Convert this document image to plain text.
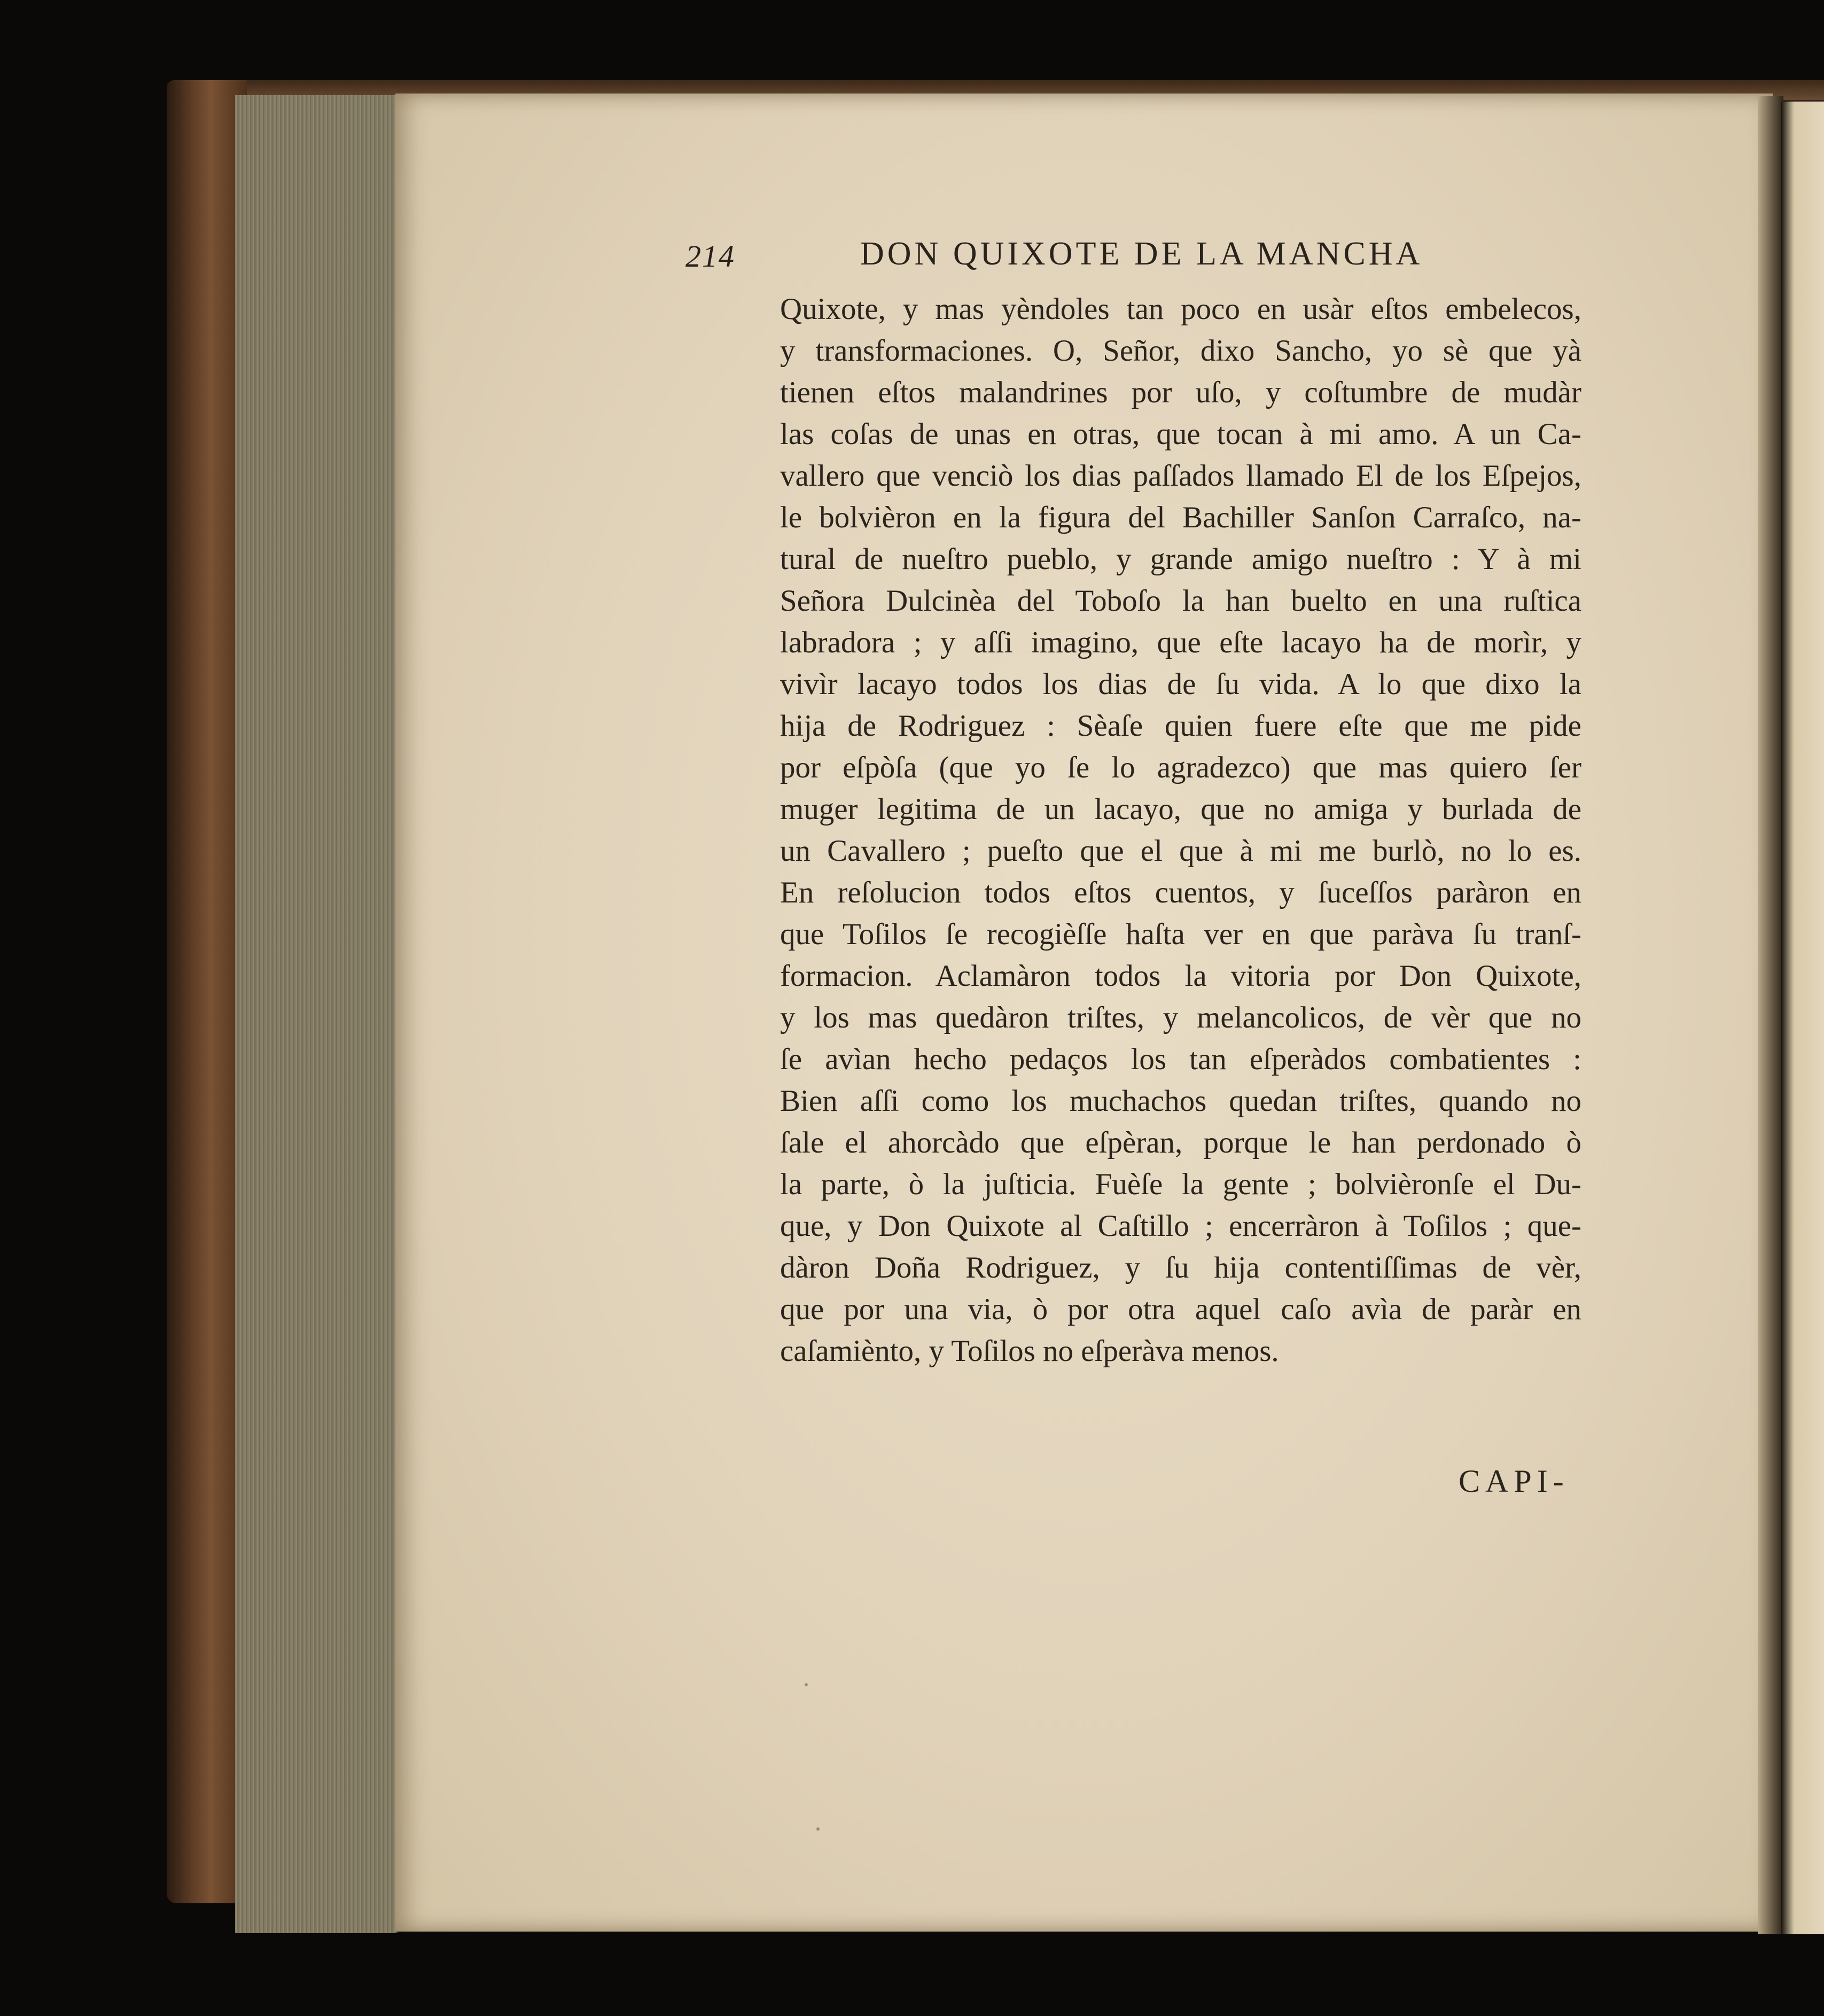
214	DON QUIXOTE DE LA MANCHA
Quixote, y mas yèndoles tan poco en usàr eſtos embelecos,
y transformaciones. O, Señor, dixo Sancho, yo sè que yà
tienen eſtos malandrines por uſo, y coſtumbre de mudàr
las coſas de unas en otras, que tocan à mi amo. A un Ca-
vallero que venciò los dias paſſados llamado El de los Eſpejos,
le bolvièron en la figura del Bachiller Sanſon Carraſco, na-
tural de nueſtro pueblo, y grande amigo nueſtro : Y à mi
Señora Dulcinèa del Toboſo la han buelto en una ruſtica
labradora ; y aſſi imagino, que eſte lacayo ha de morìr, y
vivìr lacayo todos los dias de ſu vida. A lo que dixo la
hija de Rodriguez : Sèaſe quien fuere eſte que me pide
por eſpòſa (que yo ſe lo agradezco) que mas quiero ſer
muger legitima de un lacayo, que no amiga y burlada de
un Cavallero ; pueſto que el que à mi me burlò, no lo es.
En reſolucion todos eſtos cuentos, y ſuceſſos paràron en
que Toſilos ſe recogièſſe haſta ver en que paràva ſu tranſ-
formacion. Aclamàron todos la vitoria por Don Quixote,
y los mas quedàron triſtes, y melancolicos, de vèr que no
ſe avìan hecho pedaços los tan eſperàdos combatientes :
Bien aſſi como los muchachos quedan triſtes, quando no
ſale el ahorcàdo que eſpèran, porque le han perdonado ò
la parte, ò la juſticia. Fuèſe la gente ; bolvièronſe el Du-
que, y Don Quixote al Caſtillo ; encerràron à Toſilos ; que-
dàron Doña Rodriguez, y ſu hija contentiſſimas de vèr,
que por una via, ò por otra aquel caſo avìa de paràr en
caſamiènto, y Toſilos no eſperàva menos.
CAPI-
